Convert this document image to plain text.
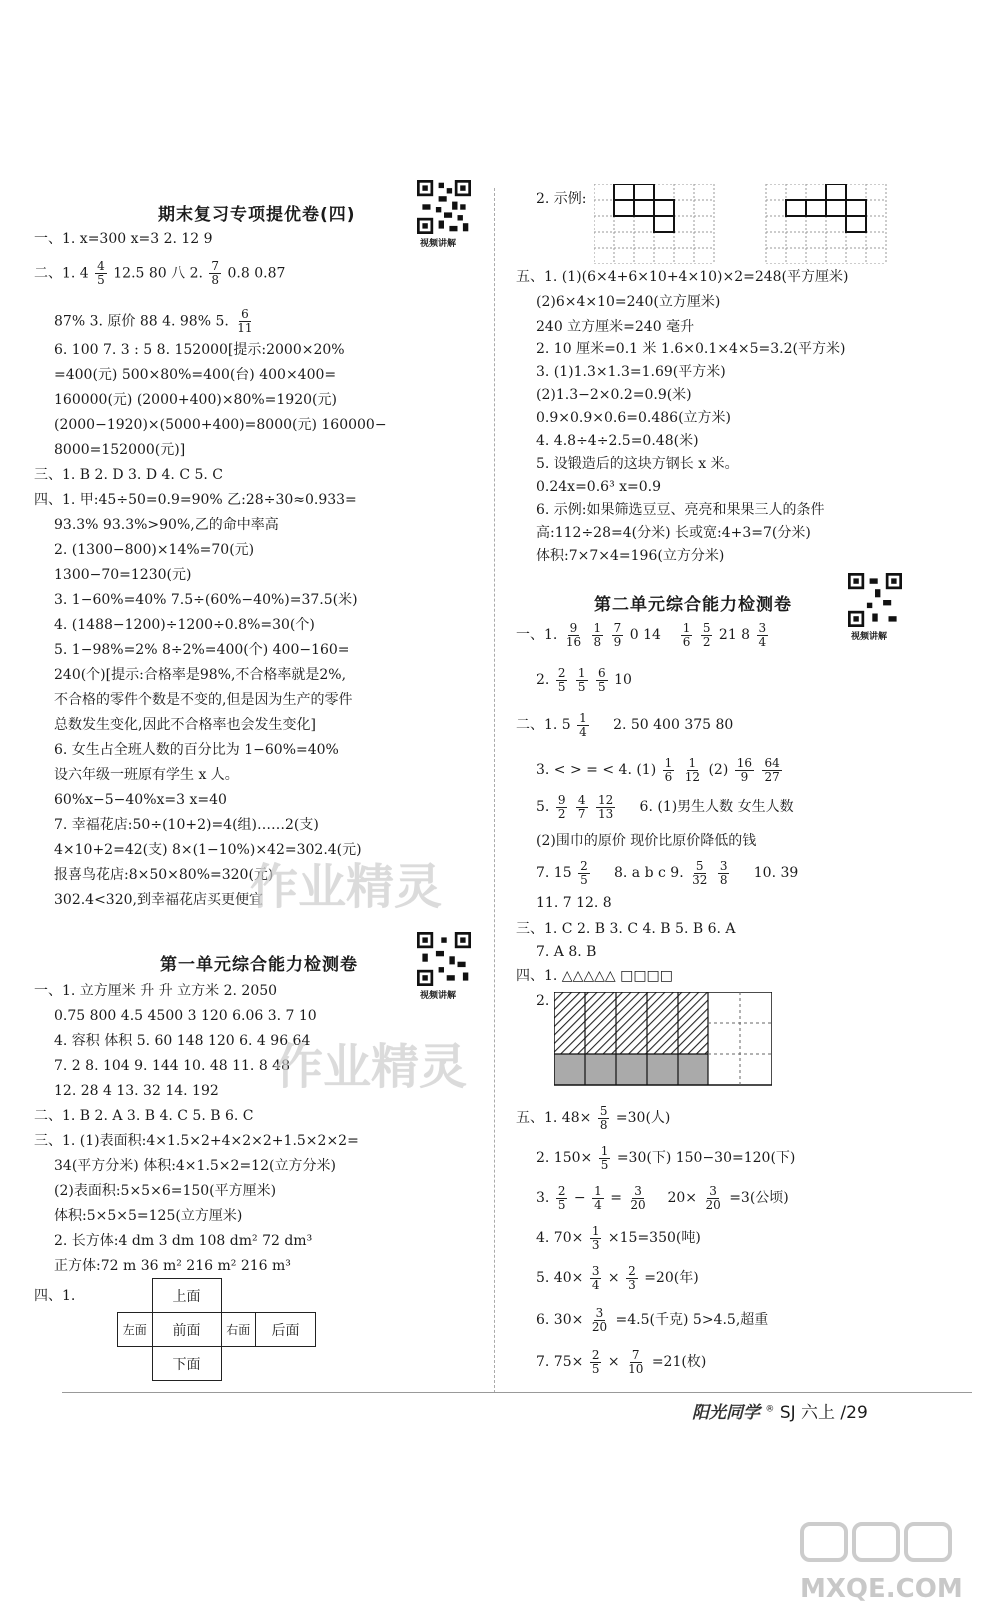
期末复习专项提优卷(四)
视频讲解
一、1. x=300 x=3 2. 12 9
二、1. $4 \frac{4}{5} 12.5$ 80 八 2. $\frac{7}{8} 0.8$ 0.87
87% 3. 原价 88 4. 98% 5. $\frac{6}{11}$
6. 100 7. 3 : 5 8. 152000[提示:2000×20%
=400(元) 500×80%=400(台) 400×400=
160000(元) (2000+400)×80%=1920(元)
(2000−1920)×(5000+400)=8000(元) 160000−
8000=152000(元)]
三、1. B 2. D 3. D 4. C 5. C
四、1. 甲:45÷50=0.9=90% 乙:28÷30≈0.933=
93.3% 93.3%>90%,乙的命中率高
2. (1300−800)×14%=70(元)
1300−70=1230(元)
3. 1−60%=40% 7.5÷(60%−40%)=37.5(米)
4. (1488−1200)÷1200÷0.8%=30(个)
5. 1−98%=2% 8÷2%=400(个) 400−160=
240(个)[提示:合格率是98%,不合格率就是2%,
不合格的零件个数是不变的,但是因为生产的零件
总数发生变化,因此不合格率也会发生变化]
6. 女生占全班人数的百分比为 1−60%=40%
设六年级一班原有学生 x 人。
60%x−5−40%x=3 x=40
7. 幸福花店:50÷(10+2)=4(组)……2(支)
4×10+2=42(支) 8×(1−10%)×42=302.4(元)
报喜鸟花店:8×50×80%=320(元)
302.4<320,到幸福花店买更便宜
第一单元综合能力检测卷
视频讲解
一、1. 立方厘米 升 升 立方米 2. 2050
0.75 800 4.5 4500 3 120 6.06 3. 7 10
4. 容积 体积 5. 60 148 120 6. 4 96 64
7. 2 8. 104 9. 144 10. 48 11. 8 48
12. 28 4 13. 32 14. 192
二、1. B 2. A 3. B 4. C 5. B 6. C
三、1. (1)表面积:4×1.5×2+4×2×2+1.5×2×2=
34(平方分米) 体积:4×1.5×2=12(立方分米)
(2)表面积:5×5×6=150(平方厘米)
体积:5×5×5=125(立方厘米)
2. 长方体:4 dm 3 dm 108 dm² 72 dm³
正方体:72 m 36 m² 216 m² 216 m³
四、1.
		上面		
左面	前面	右面	后面
	下面		
2. 示例:
五、1. (1)(6×4+6×10+4×10)×2=248(平方厘米)
(2)6×4×10=240(立方厘米)
240 立方厘米=240 毫升
2. 10 厘米=0.1 米 1.6×0.1×4×5=3.2(平方米)
3. (1)1.3×1.3=1.69(平方米)
(2)1.3−2×0.2=0.9(米)
0.9×0.9×0.6=0.486(立方米)
4. 4.8÷4÷2.5=0.48(米)
5. 设锻造后的这块方钢长 x 米。
0.24x=0.6³ x=0.9
6. 示例:如果筛选豆豆、亮亮和果果三人的条件
高:112÷28=4(分米) 长或宽:4+3=7(分米)
体积:7×7×4=196(立方分米)
第二单元综合能力检测卷
视频讲解
一、1. $\frac{9}{16}$
$\frac{1}{8}$
$\frac{7}{9} 0$ $14 \frac{1}{6}$
$\frac{5}{2} 21$ $8 \frac{3}{4}$
2. $\frac{2}{5}$
$\frac{1}{5}$
$\frac{6}{5} 10$
二、1. $5 \frac{1}{4} 2$. 50 400 375 80
3. < > = < 4. $(1) \frac{1}{6}$
$\frac{1}{12} (2) \frac{16}{9}$
$\frac{64}{27}$
5. $\frac{9}{2}$
$\frac{4}{7}$
$\frac{12}{13} 6$. (1)男生人数 女生人数
(2)围巾的原价 现价比原价降低的钱
7. $15 \frac{2}{5} 8$. a b c 9. $\frac{5}{32}$
$\frac{3}{8} 10$. 39
11. 7 12. 8
三、1. C 2. B 3. C 4. B 5. B 6. A
7. A 8. B
四、1. △△△△△ □□□□
2.
五、1. $48\times \frac{5}{8} =30$(人)
2. $150\times \frac{1}{5} =30$(下) 150−30=120(下)
3. $\frac{2}{5} - \frac{1}{4} = \frac{3}{20} 20\times \frac{3}{20} =3$(公顷)
4. $70\times \frac{1}{3} \times 15=350$(吨)
5. $40\times \frac{3}{4} \times \frac{2}{3} =20$(年)
6. $30\times \frac{3}{20} =4.5$(千克) 5>4.5,超重
7. $75\times \frac{2}{5} \times \frac{7}{10} =21$(枚)
作业精灵
作业精灵
阳光同学 ® SJ 六上 /29
MXQE.COM
